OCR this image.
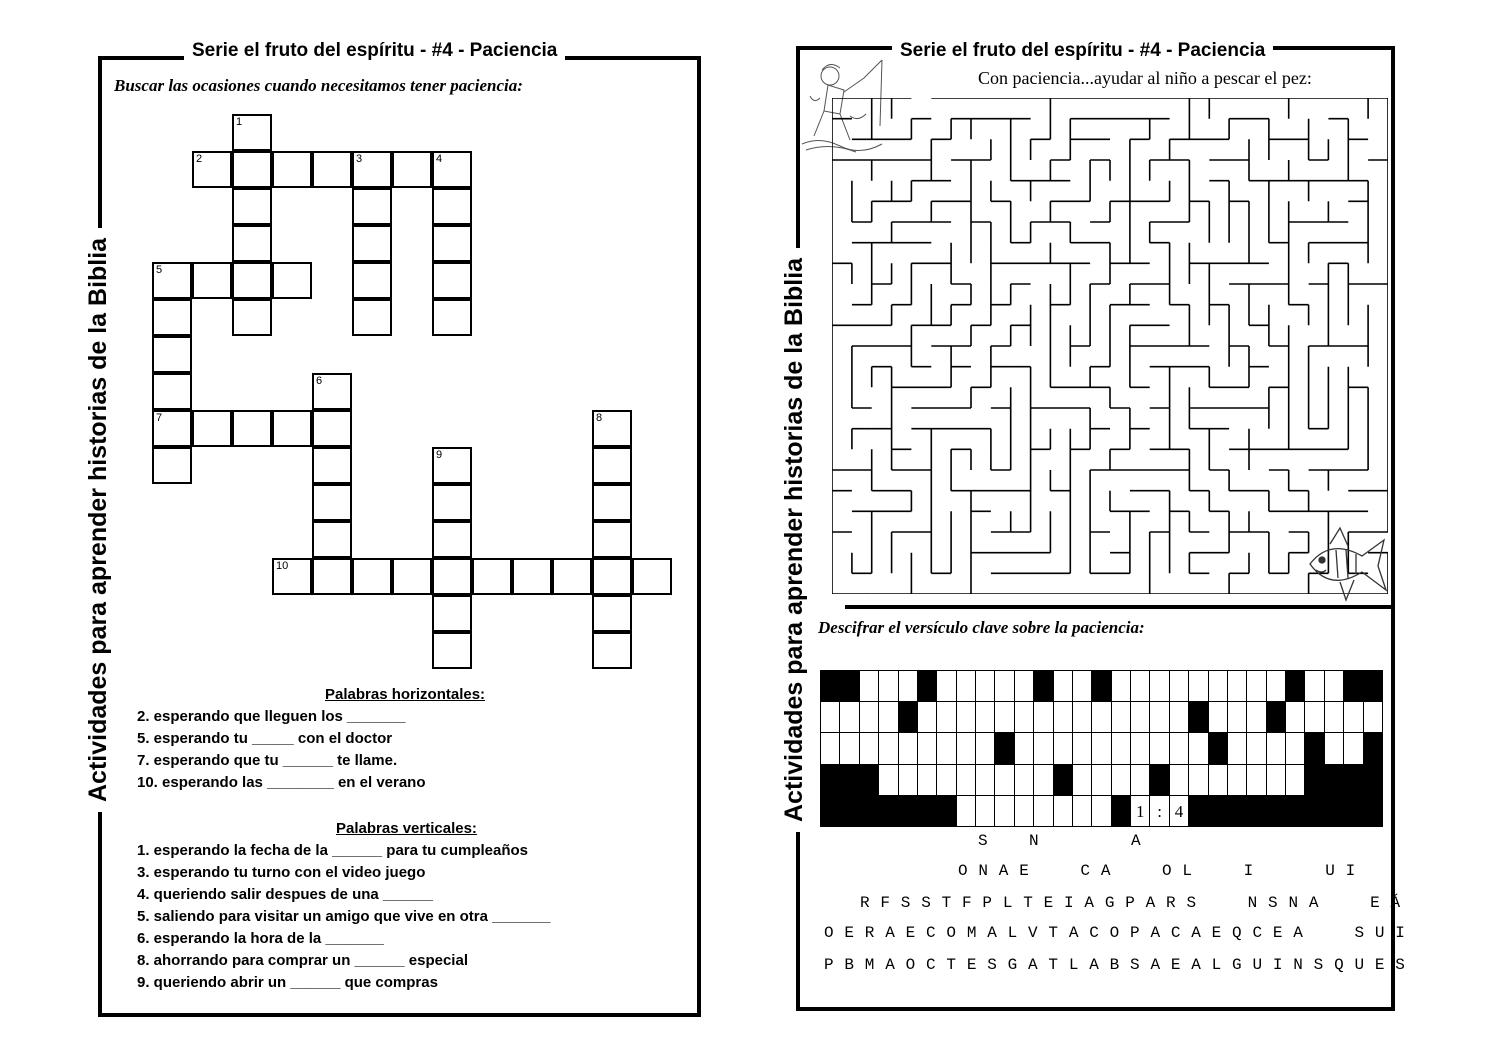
Serie el fruto del espíritu - #4 - Paciencia
Actividades para aprender historias de la Biblia
Buscar las ocasiones cuando necesitamos tener paciencia:
1
2	3	4
5
7
6
8
9
10
Palabras horizontales:
2. esperando que lleguen los _______
5. esperando tu _____ con el doctor
7. esperando que tu ______ te llame.
10. esperando las ________ en el verano
Palabras verticales:
1. esperando la fecha de la ______ para tu cumpleaños
3. esperando tu turno con el video juego
4. queriendo salir despues de una ______
5. saliendo para visitar un amigo que vive en otra _______
6. esperando la hora de la _______
8. ahorrando para comprar un ______ especial
9. queriendo abrir un ______ que compras
Serie el fruto del espíritu - #4 - Paciencia
Actividades para aprender historias de la Biblia
Con paciencia...ayudar al niño a pescar el pez:
Descifrar el versículo clave sobre la paciencia:
1 : 4
S    N         A
O N A E     C A     O L     I       U I
R F S S T F P L T E I A G P A R S     N S N A     E Á
O E R A E C O M A L V T A C O P A C A E Q C E A     S U I
P B M A O C T E S G A T L A B S A E A L G U I N S Q U E S
